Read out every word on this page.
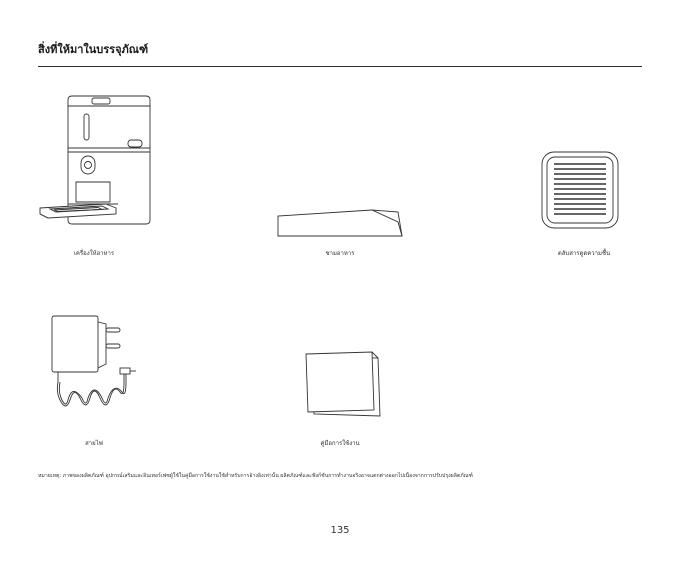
สิ่งที่ให้มาในบรรจุภัณฑ์
เครื่องให้อาหาร	ชามอาหาร	ตลับสารดูดความชื้น
สายไฟ	คู่มือการใช้งาน
หมายเหตุ: ภาพของผลิตภัณฑ์ อุปกรณ์เสริมและอินเทอร์เฟซผู้ใช้ในคู่มือการใช้งานใช้สำหรับการอ้างอิงเท่านั้น ผลิตภัณฑ์และฟังก์ชันการทำงานจริงอาจแตกต่างออกไปเนื่องจากการปรับปรุงผลิตภัณฑ์
135
